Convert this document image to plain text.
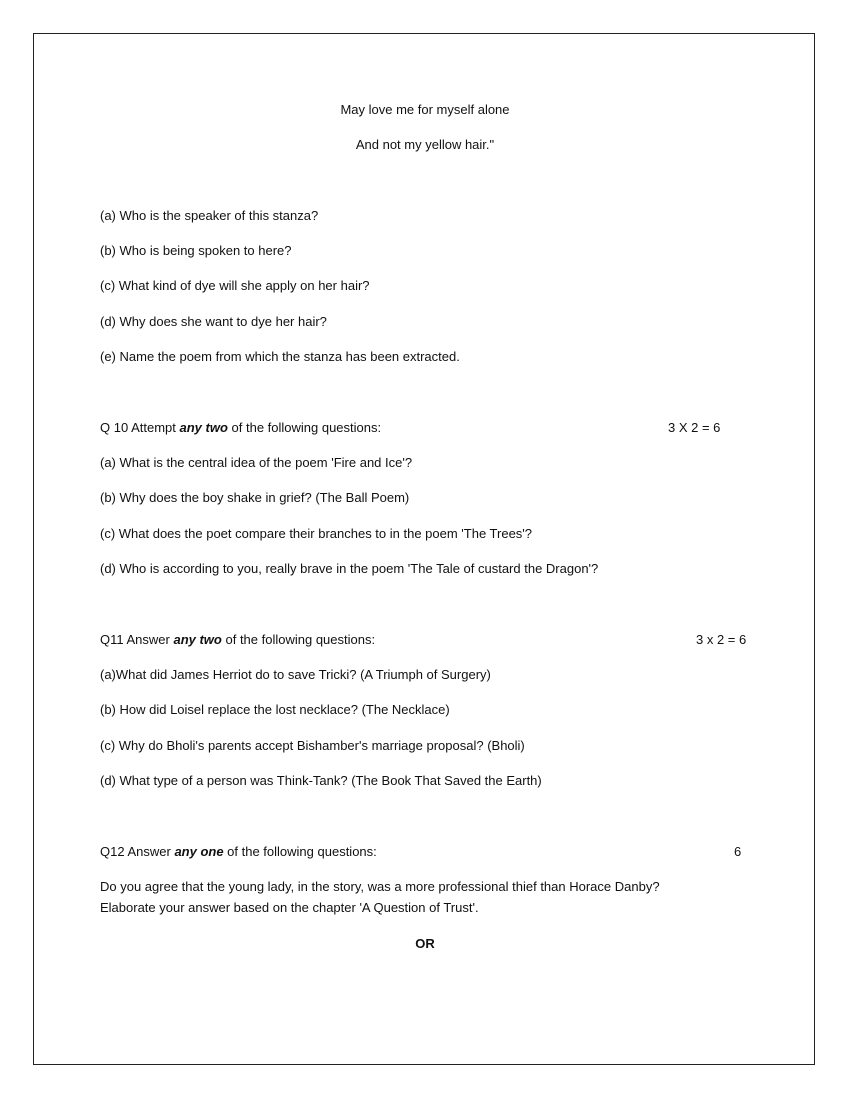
May love me for myself alone
And not my yellow hair."
(a) Who is the speaker of this stanza?
(b) Who is being spoken to here?
(c) What kind of dye will she apply on her hair?
(d) Why does she want to dye her hair?
(e) Name the poem from which the stanza has been extracted.
Q 10 Attempt any two of the following questions:	3 X 2 = 6
(a) What is the central idea of the poem 'Fire and Ice'?
(b) Why does the boy shake in grief? (The Ball Poem)
(c) What does the poet compare their branches to in the poem 'The Trees'?
(d) Who is according to you, really brave in the poem 'The Tale of custard the Dragon'?
Q11 Answer any two of the following questions:	3 x 2 = 6
(a)What did James Herriot do to save Tricki? (A Triumph of Surgery)
(b) How did Loisel replace the lost necklace? (The Necklace)
(c) Why do Bholi's parents accept Bishamber's marriage proposal? (Bholi)
(d) What type of a person was Think-Tank? (The Book That Saved the Earth)
Q12 Answer any one of the following questions:	6
Do you agree that the young lady, in the story, was a more professional thief than Horace Danby?
Elaborate your answer based on the chapter 'A Question of Trust'.
OR
